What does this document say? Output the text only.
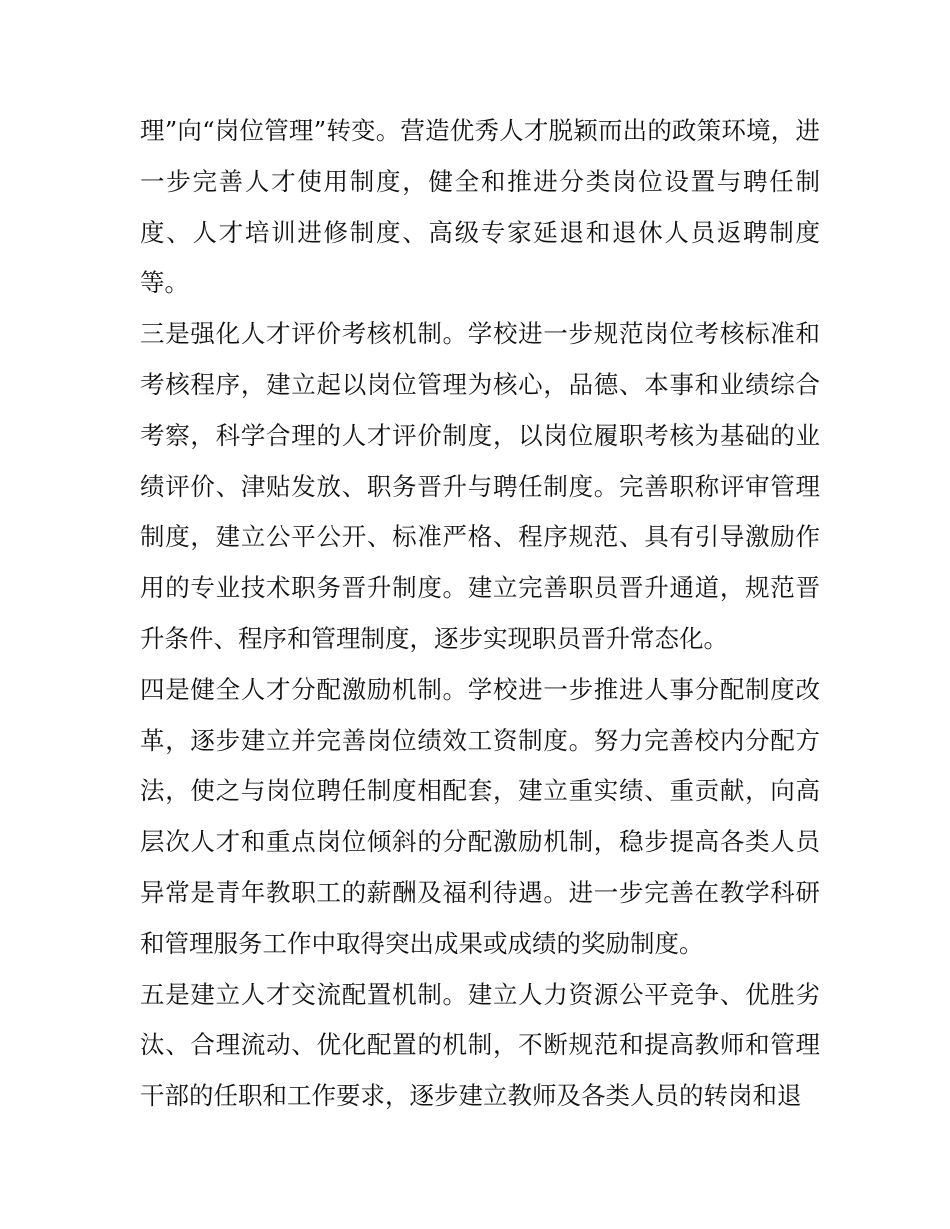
理”向“岗位管理”转变。营造优秀人才脱颖而出的政策环境，进一步完善人才使用制度，健全和推进分类岗位设置与聘任制度、人才培训进修制度、高级专家延退和退休人员返聘制度等。

三是强化人才评价考核机制。学校进一步规范岗位考核标准和考核程序，建立起以岗位管理为核心，品德、本事和业绩综合考察，科学合理的人才评价制度，以岗位履职考核为基础的业绩评价、津贴发放、职务晋升与聘任制度。完善职称评审管理制度，建立公平公开、标准严格、程序规范、具有引导激励作用的专业技术职务晋升制度。建立完善职员晋升通道，规范晋升条件、程序和管理制度，逐步实现职员晋升常态化。

四是健全人才分配激励机制。学校进一步推进人事分配制度改革，逐步建立并完善岗位绩效工资制度。努力完善校内分配方法，使之与岗位聘任制度相配套，建立重实绩、重贡献，向高层次人才和重点岗位倾斜的分配激励机制，稳步提高各类人员异常是青年教职工的薪酬及福利待遇。进一步完善在教学科研和管理服务工作中取得突出成果或成绩的奖励制度。

五是建立人才交流配置机制。建立人力资源公平竞争、优胜劣汰、合理流动、优化配置的机制，不断规范和提高教师和管理干部的任职和工作要求，逐步建立教师及各类人员的转岗和退
